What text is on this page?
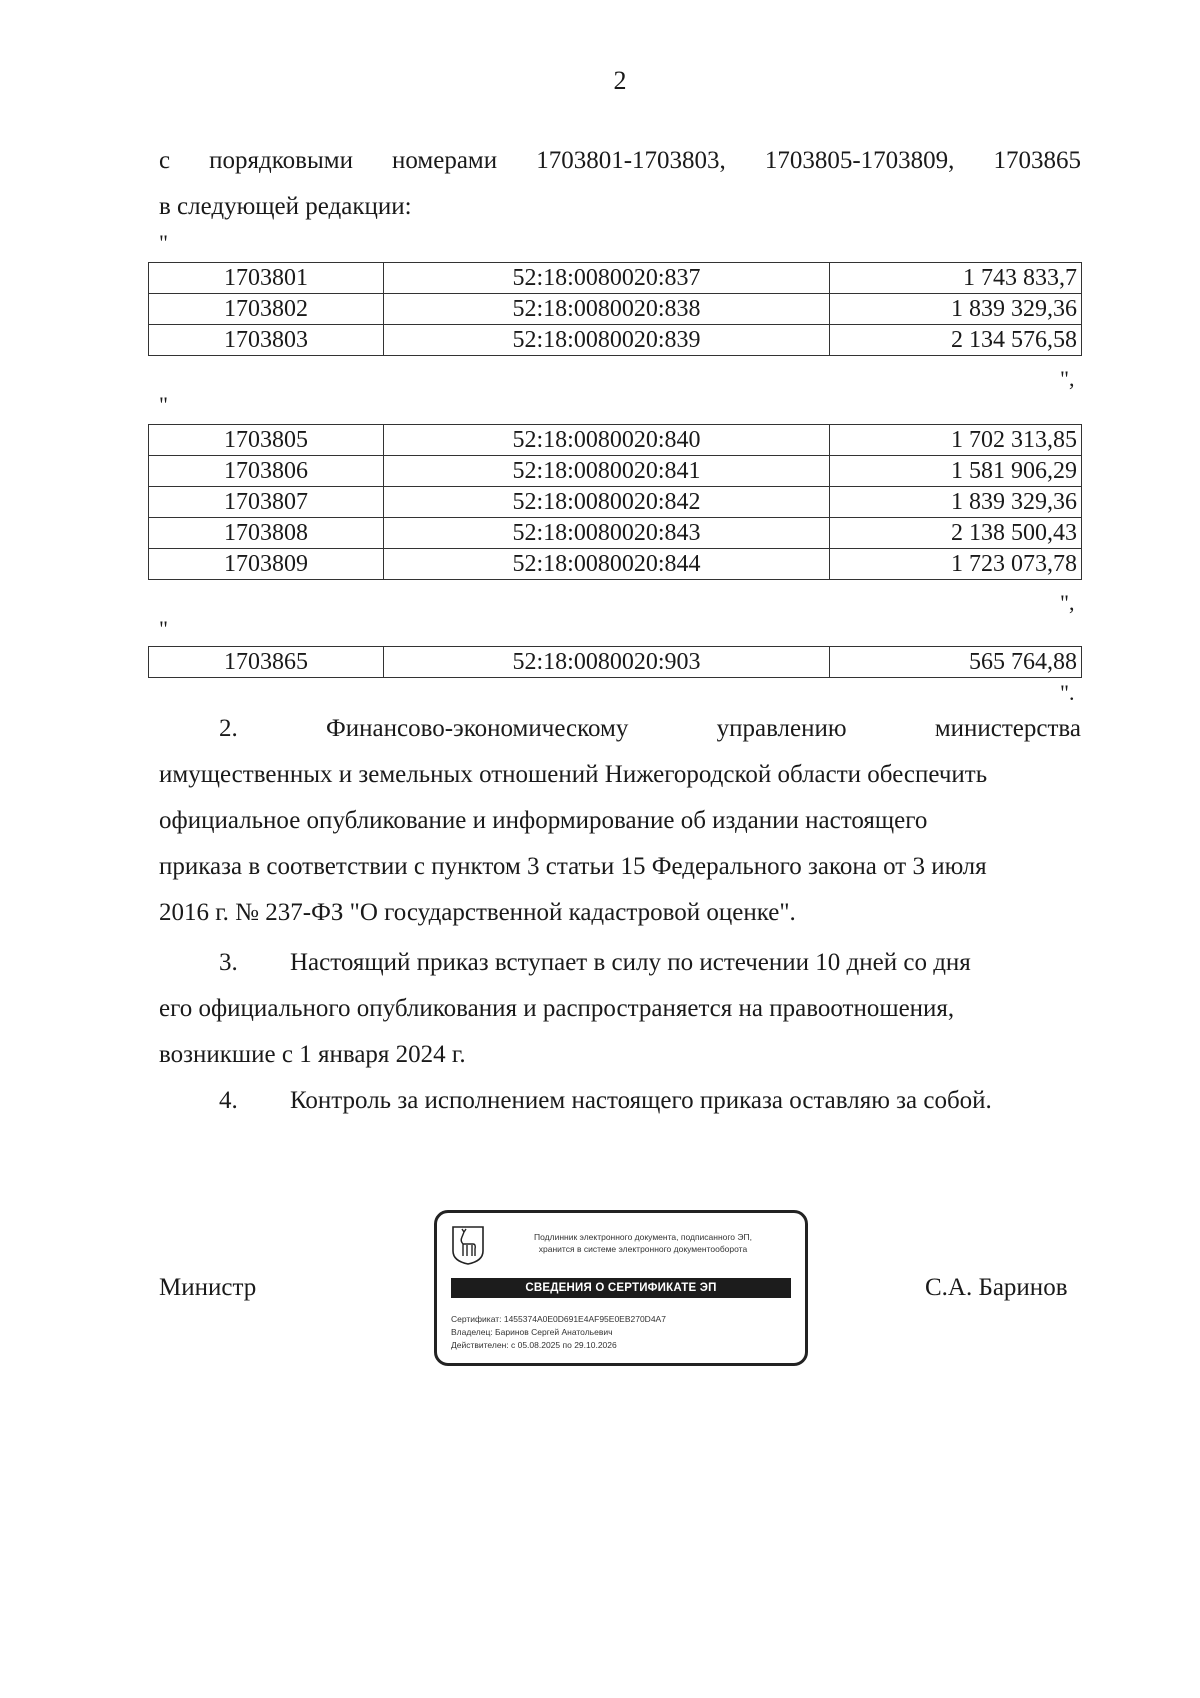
2
с порядковыми номерами 1703801-1703803, 1703805-1703809, 1703865
в следующей редакции:
"
1703801	52:18:0080020:837	1 743 833,7
1703802	52:18:0080020:838	1 839 329,36
1703803	52:18:0080020:839	2 134 576,58
",
"
1703805	52:18:0080020:840	1 702 313,85
1703806	52:18:0080020:841	1 581 906,29
1703807	52:18:0080020:842	1 839 329,36
1703808	52:18:0080020:843	2 138 500,43
1703809	52:18:0080020:844	1 723 073,78
",
"
1703865	52:18:0080020:903	565 764,88
".
2.	Финансово-экономическому	управлению	министерства
имущественных и земельных отношений Нижегородской области обеспечить
официальное опубликование и информирование об издании настоящего
приказа в соответствии с пунктом 3 статьи 15 Федерального закона от 3 июля
2016 г. № 237-ФЗ "О государственной кадастровой оценке".
3. Настоящий приказ вступает в силу по истечении 10 дней со дня
его официального опубликования и распространяется на правоотношения,
возникшие с 1 января 2024 г.
4. Контроль за исполнением настоящего приказа оставляю за собой.
Министр
Подлинник электронного документа, подписанного ЭП,
хранится в системе электронного документооборота
СВЕДЕНИЯ О СЕРТИФИКАТЕ ЭП
Сертификат: 1455374A0E0D691E4AF95E0EB270D4A7
Владелец: Баринов Сергей Анатольевич
Действителен: с 05.08.2025 по 29.10.2026
С.А. Баринов
